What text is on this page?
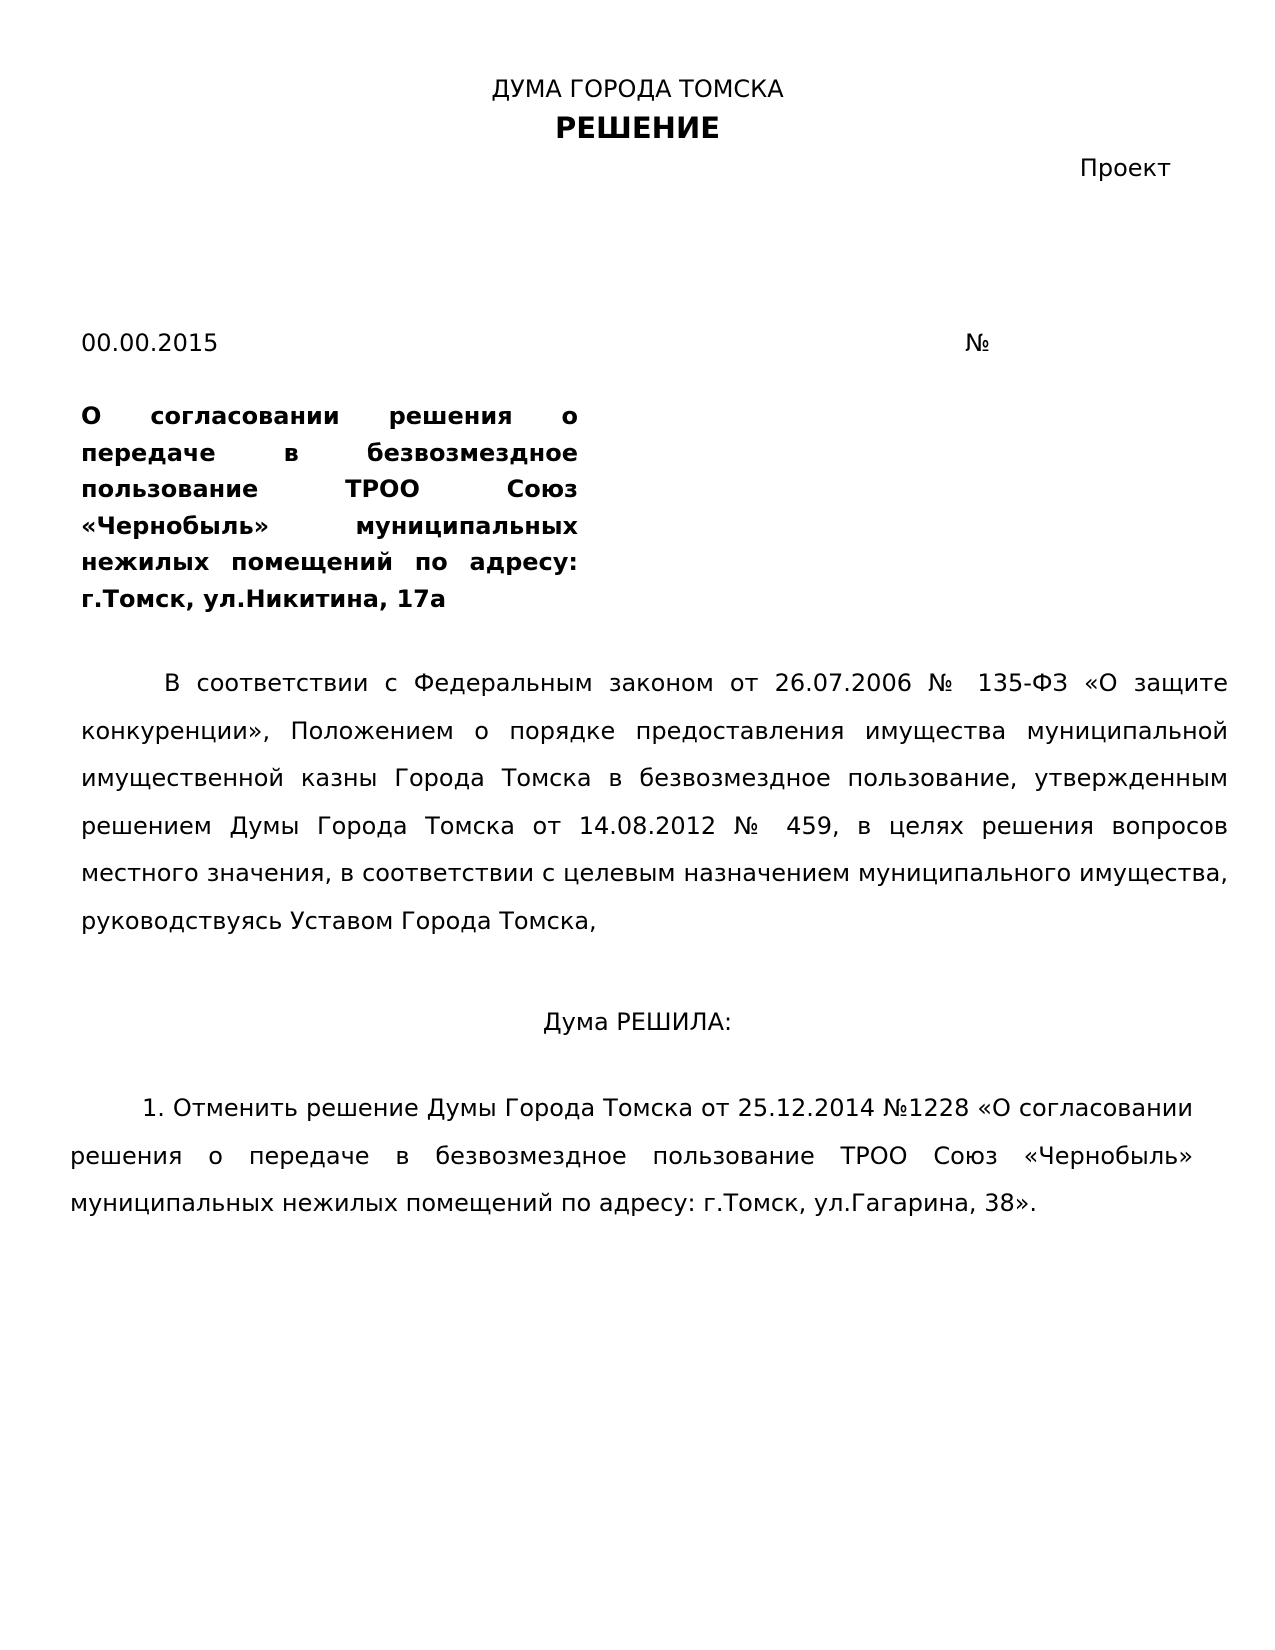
ДУМА ГОРОДА ТОМСКА
РЕШЕНИЕ
Проект
00.00.2015	№
О согласовании решения о передаче в безвозмездное пользование ТРОО Союз «Чернобыль» муниципальных нежилых помещений по адресу: г.Томск, ул.Никитина, 17а
В соответствии с Федеральным законом от 26.07.2006 № 135-ФЗ «О защите конкуренции», Положением о порядке предоставления имущества муниципальной имущественной казны Города Томска в безвозмездное пользование, утвержденным решением Думы Города Томска от 14.08.2012 № 459, в целях решения вопросов местного значения, в соответствии с целевым назначением муниципального имущества, руководствуясь Уставом Города Томска,
Дума РЕШИЛА:
1. Отменить решение Думы Города Томска от 25.12.2014 №1228 «О согласовании решения о передаче в безвозмездное пользование ТРОО Союз «Чернобыль» муниципальных нежилых помещений по адресу: г.Томск, ул.Гагарина, 38».
